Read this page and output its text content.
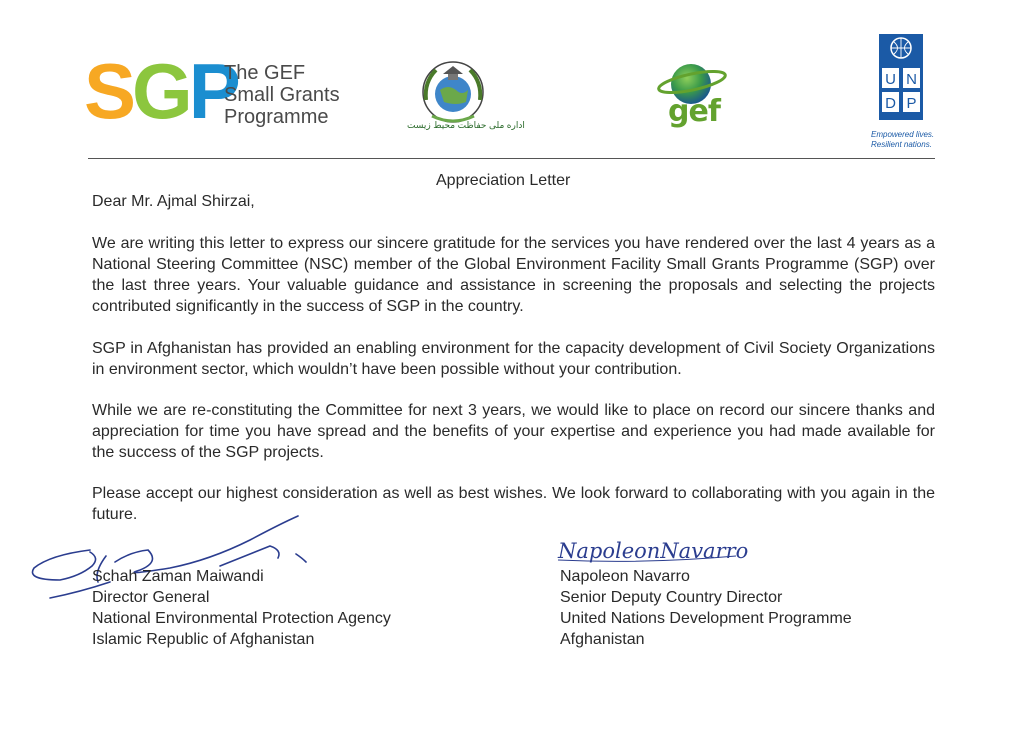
SGP
The GEF
Small Grants
Programme	اداره ملی حفاظت محیط زیست	gef
U N
D P
Empowered lives.
Resilient nations.
Appreciation Letter
Dear Mr. Ajmal Shirzai,
We are writing this letter to express our sincere gratitude for the services you have rendered over the last 4 years as a National Steering Committee (NSC) member of the Global Environment Facility Small Grants Programme (SGP) over the last three years. Your valuable guidance and assistance in screening the proposals and selecting the projects contributed significantly in the success of SGP in the country.
SGP in Afghanistan has provided an enabling environment for the capacity development of Civil Society Organizations in environment sector, which wouldn’t have been possible without your contribution.
While we are re-constituting the Committee for next 3 years, we would like to place on record our sincere thanks and appreciation for time you have spread and the benefits of your expertise and experience you had made available for the success of the SGP projects.
Please accept our highest consideration as well as best wishes. We look forward to collaborating with you again in the future.
NapoleonNavarro
Schah Zaman Maiwandi
Director General
National Environmental Protection Agency
Islamic Republic of Afghanistan
Napoleon Navarro
Senior Deputy Country Director
United Nations Development Programme
Afghanistan
